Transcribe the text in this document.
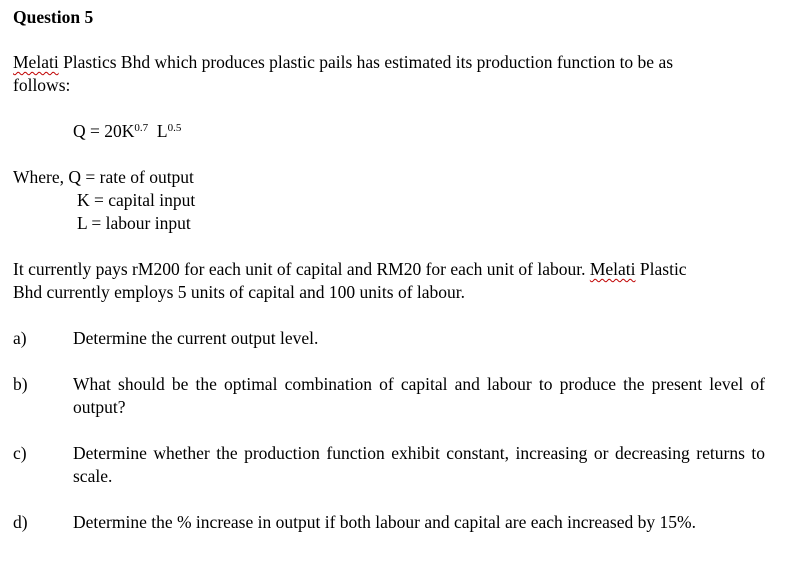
Question 5
Melati Plastics Bhd which produces plastic pails has estimated its production function to be as
follows:
$Q = 20K^{0.7}$  $L^{0.5}$
Where, Q = rate of output
K = capital input
L = labour input
It currently pays rM200 for each unit of capital and RM20 for each unit of labour. Melati Plastic
Bhd currently employs 5 units of capital and 100 units of labour.
a)	Determine the current output level.
b)	What should be the optimal combination of capital and labour to produce the present level of output?
c)	Determine whether the production function exhibit constant, increasing or decreasing returns to scale.
d)	Determine the % increase in output if both labour and capital are each increased by 15%.
